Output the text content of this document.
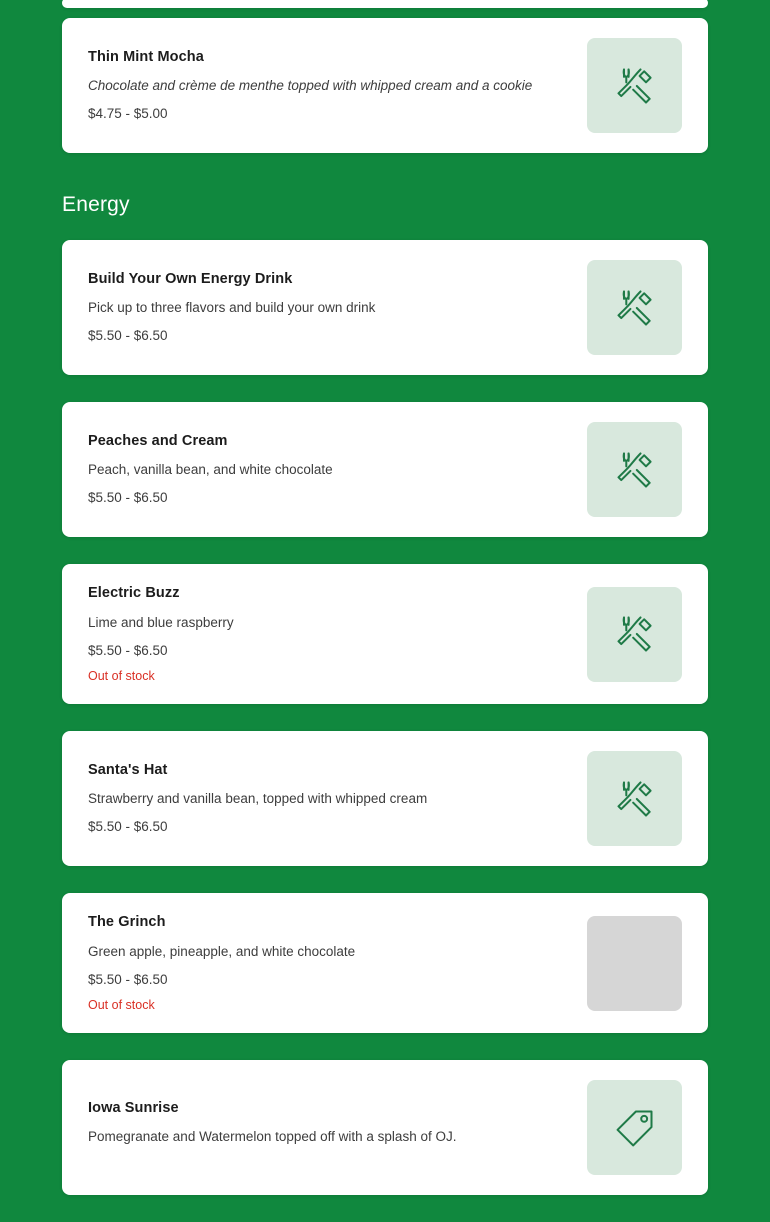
Thin Mint Mocha

Chocolate and crème de menthe topped with whipped cream and a cookie

$4.75 - $5.00

Energy

Build Your Own Energy Drink

Pick up to three flavors and build your own drink

$5.50 - $6.50

Peaches and Cream

Peach, vanilla bean, and white chocolate

$5.50 - $6.50

Electric Buzz

Lime and blue raspberry

$5.50 - $6.50

Out of stock

Santa's Hat

Strawberry and vanilla bean, topped with whipped cream

$5.50 - $6.50

The Grinch

Green apple, pineapple, and white chocolate

$5.50 - $6.50

Out of stock

Iowa Sunrise

Pomegranate and Watermelon topped off with a splash of OJ.
